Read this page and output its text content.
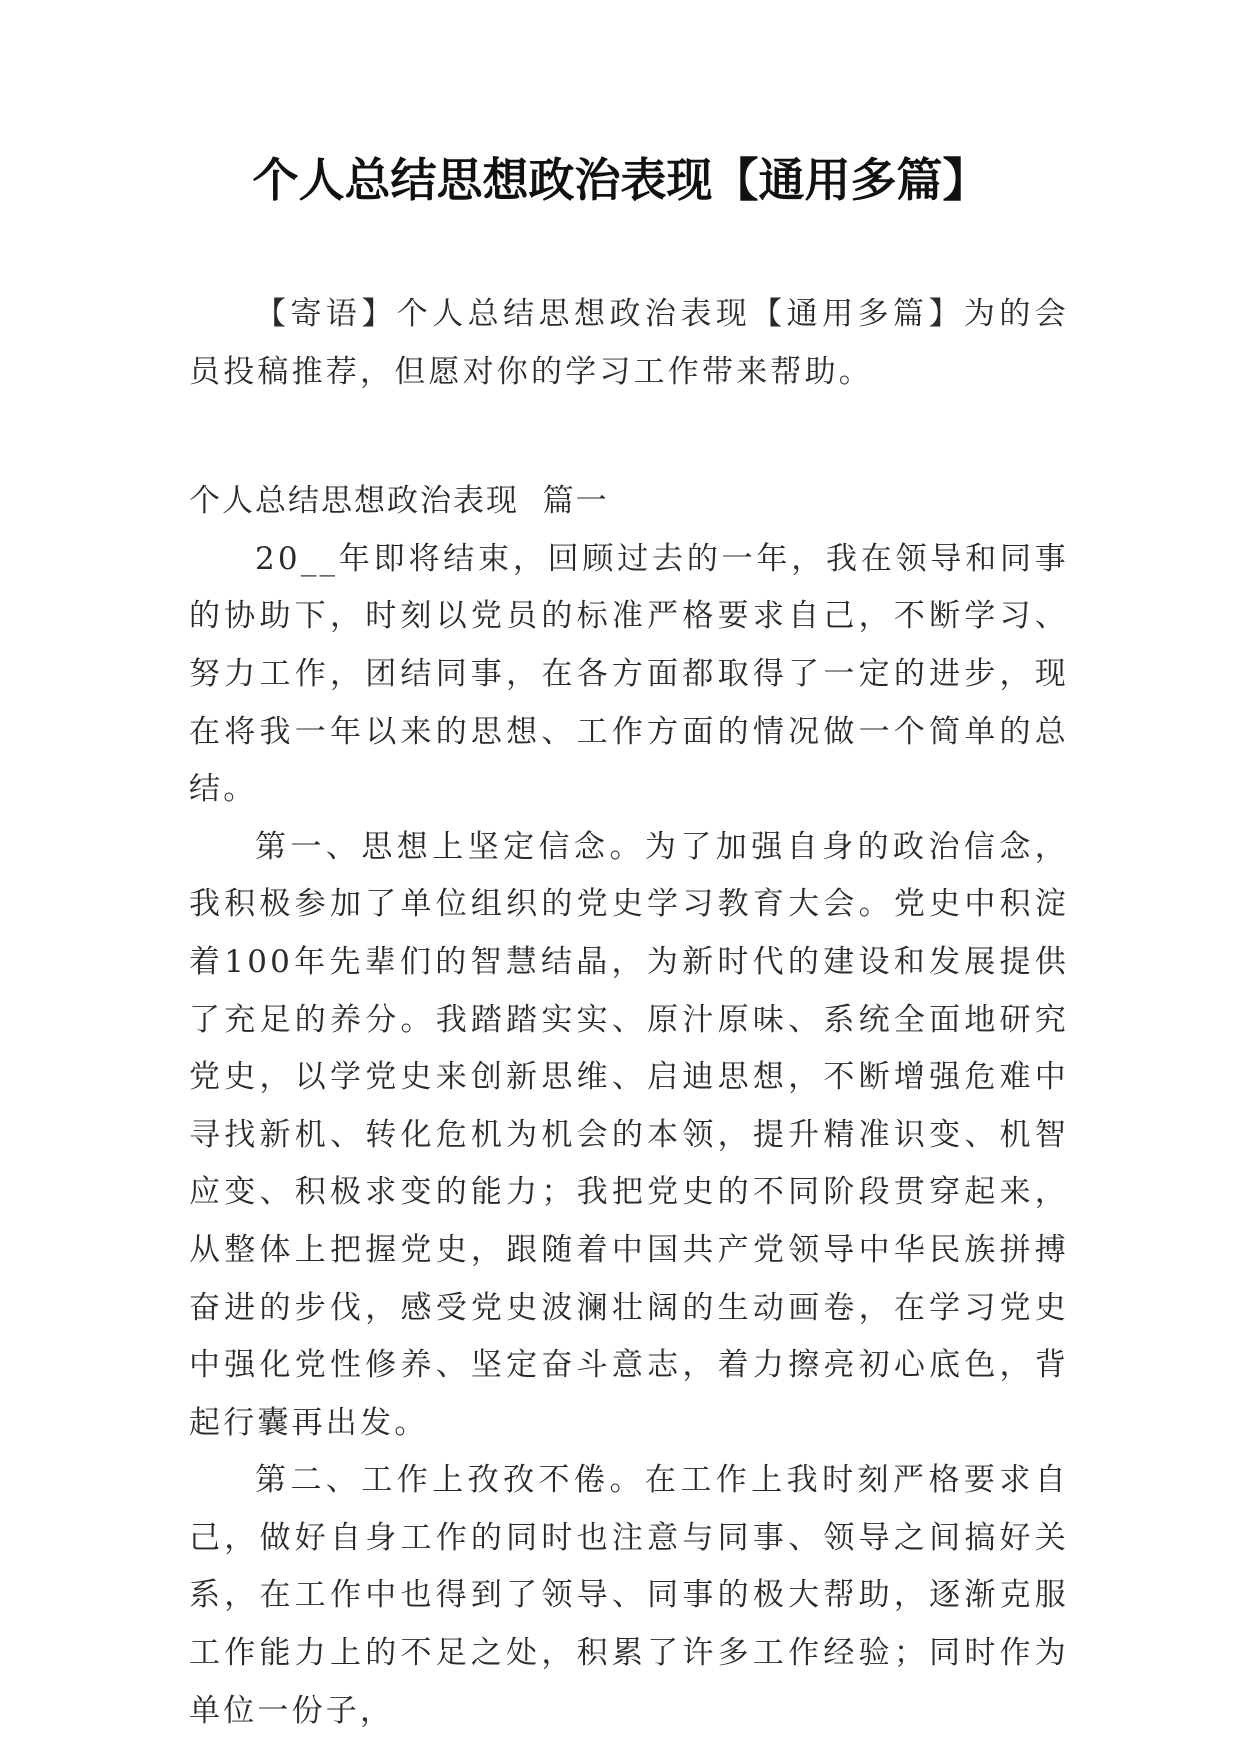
个人总结思想政治表现【通用多篇】

【寄语】个人总结思想政治表现【通用多篇】为的会员投稿推荐，但愿对你的学习工作带来帮助。

个人总结思想政治表现  篇一

20__年即将结束，回顾过去的一年，我在领导和同事的协助下，时刻以党员的标准严格要求自己，不断学习、努力工作，团结同事，在各方面都取得了一定的进步，现在将我一年以来的思想、工作方面的情况做一个简单的总结。

第一、思想上坚定信念。为了加强自身的政治信念，我积极参加了单位组织的党史学习教育大会。党史中积淀着100年先辈们的智慧结晶，为新时代的建设和发展提供了充足的养分。我踏踏实实、原汁原味、系统全面地研究党史，以学党史来创新思维、启迪思想，不断增强危难中寻找新机、转化危机为机会的本领，提升精准识变、机智应变、积极求变的能力；我把党史的不同阶段贯穿起来，从整体上把握党史，跟随着中国共产党领导中华民族拼搏奋进的步伐，感受党史波澜壮阔的生动画卷，在学习党史中强化党性修养、坚定奋斗意志，着力擦亮初心底色，背起行囊再出发。

第二、工作上孜孜不倦。在工作上我时刻严格要求自己，做好自身工作的同时也注意与同事、领导之间搞好关系，在工作中也得到了领导、同事的极大帮助，逐渐克服工作能力上的不足之处，积累了许多工作经验；同时作为单位一份子，
